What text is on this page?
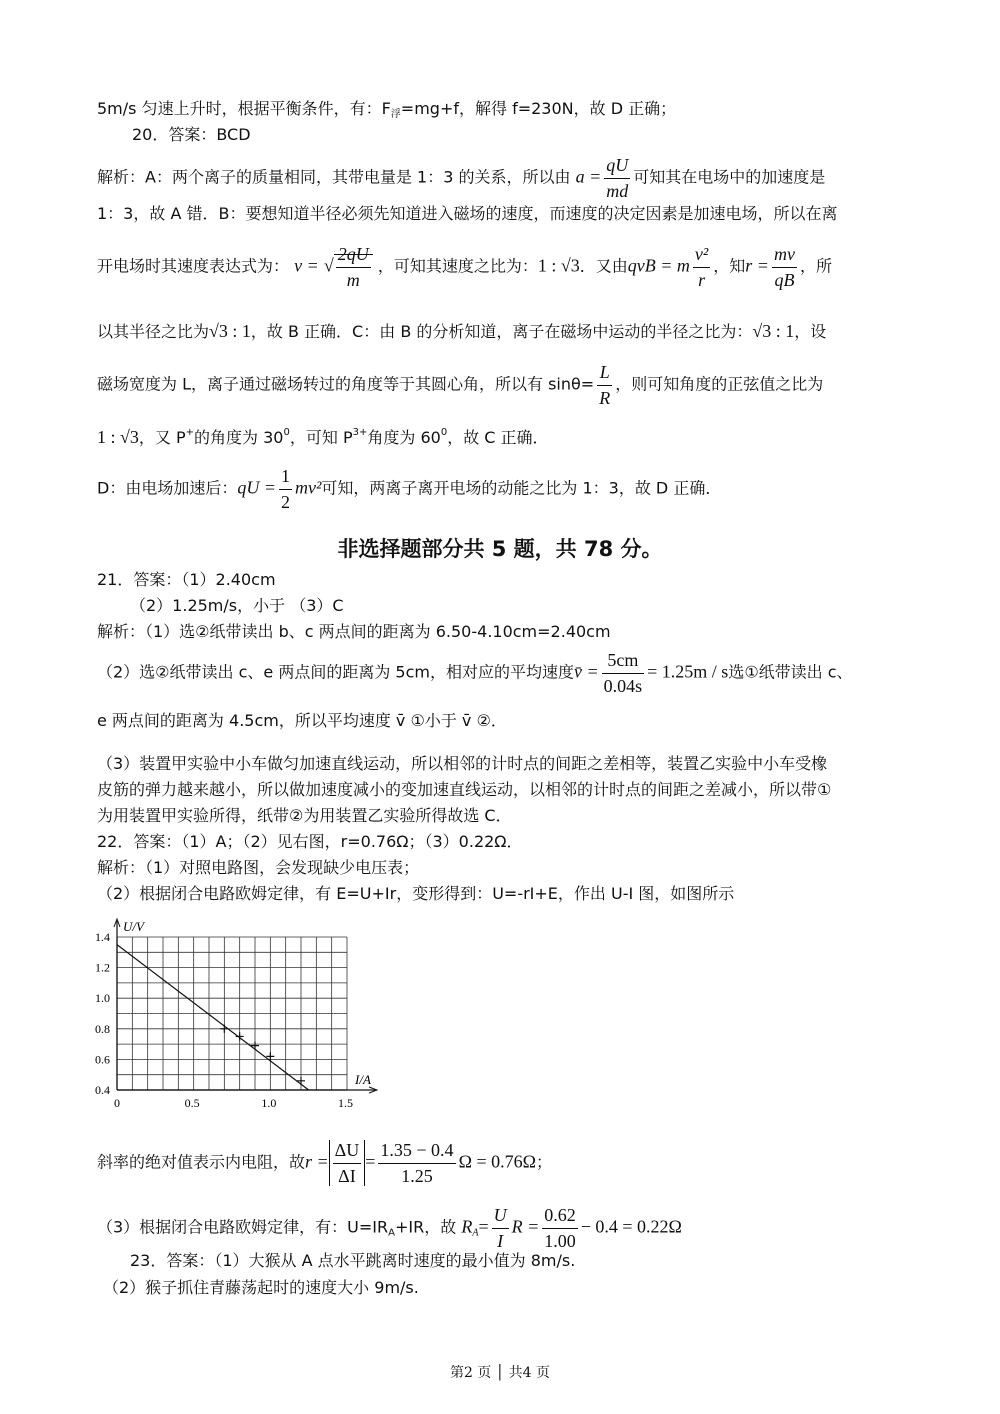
5m/s 匀速上升时，根据平衡条件，有：$F_浮=mg+f$，解得 f=230N，故 D 正确；
20．答案：BCD
解析：A：两个离子的质量相同，其带电量是 1：3 的关系，所以由 $a = \frac{qU}{md}$ 可知其在电场中的加速度是
1：3，故 A 错．B：要想知道半径必须先知道进入磁场的速度，而速度的决定因素是加速电场，所以在离
开电场时其速度表达式为： v = √ $\frac{2qU}{m}$ ，可知其速度之比为：1 : √3．又由qvB = m $\frac{\text{v²}}{r}$ ，知$r = \frac{mv}{qB}$ ，所
以其半径之比为√3 : 1，故 B 正确．C：由 B 的分析知道，离子在磁场中运动的半径之比为：√3 : 1，设
磁场宽度为 L，离子通过磁场转过的角度等于其圆心角，所以有 $\sin\theta= \frac{L}{R}$ ，则可知角度的正弦值之比为
1 : √3，又 P+的角度为 $30^0$，可知 $P^{3+}$角度为 $60^0$，故 C 正确．
D：由电场加速后：qU = $\frac{1}{2} mv^2$可知，两离子离开电场的动能之比为 1：3，故 D 正确．
非选择题部分共 5 题，共 78 分。
21．答案：（1）2.40cm
（2）1.25m/s，小于 （3）C
解析：（1）选②纸带读出 b、c 两点间的距离为 6.50-4.10cm=2.40cm
（2）选②纸带读出 c、e 两点间的距离为 5cm，相对应的平均速度v̄ = $\frac{5cm}{0.04s} = 1.25m / s$选①纸带读出 c、
e 两点间的距离为 4.5cm，所以平均速度 v̄ ①小于 v̄ ②．
（3）装置甲实验中小车做匀加速直线运动，所以相邻的计时点的间距之差相等，装置乙实验中小车受橡
皮筋的弹力越来越小，所以做加速度减小的变加速直线运动，以相邻的计时点的间距之差减小，所以带①
为用装置甲实验所得，纸带②为用装置乙实验所得故选 C．
22．答案：（1）A；（2）见右图，r=0.76Ω；（3）0.22Ω．
解析：（1）对照电路图，会发现缺少电压表；
（2）根据闭合电路欧姆定律，有 E=U+Ir，变形得到：U=-rI+E，作出 U-I 图，如图所示
U/V
I/A
0.4
0.6
0.8
1.0
1.2
1.4
0	0.5	1.0	1.5
斜率的绝对值表示内电阻，故$r = \frac{\Delta U}{\Delta I} = \frac{1.35 - 0.4}{1.25}$ Ω = 0.76Ω；
（3）根据闭合电路欧姆定律，有：$U=IR_A+IR$，故 $R_A= \frac{U}{I}$ $R = \frac{0.62}{1.00} - 0.4 = 0.22\Omega$
23．答案：（1）大猴从 A 点水平跳离时速度的最小值为 8m/s.
（2）猴子抓住青藤荡起时的速度大小 9m/s.
第2 页 │ 共4 页
